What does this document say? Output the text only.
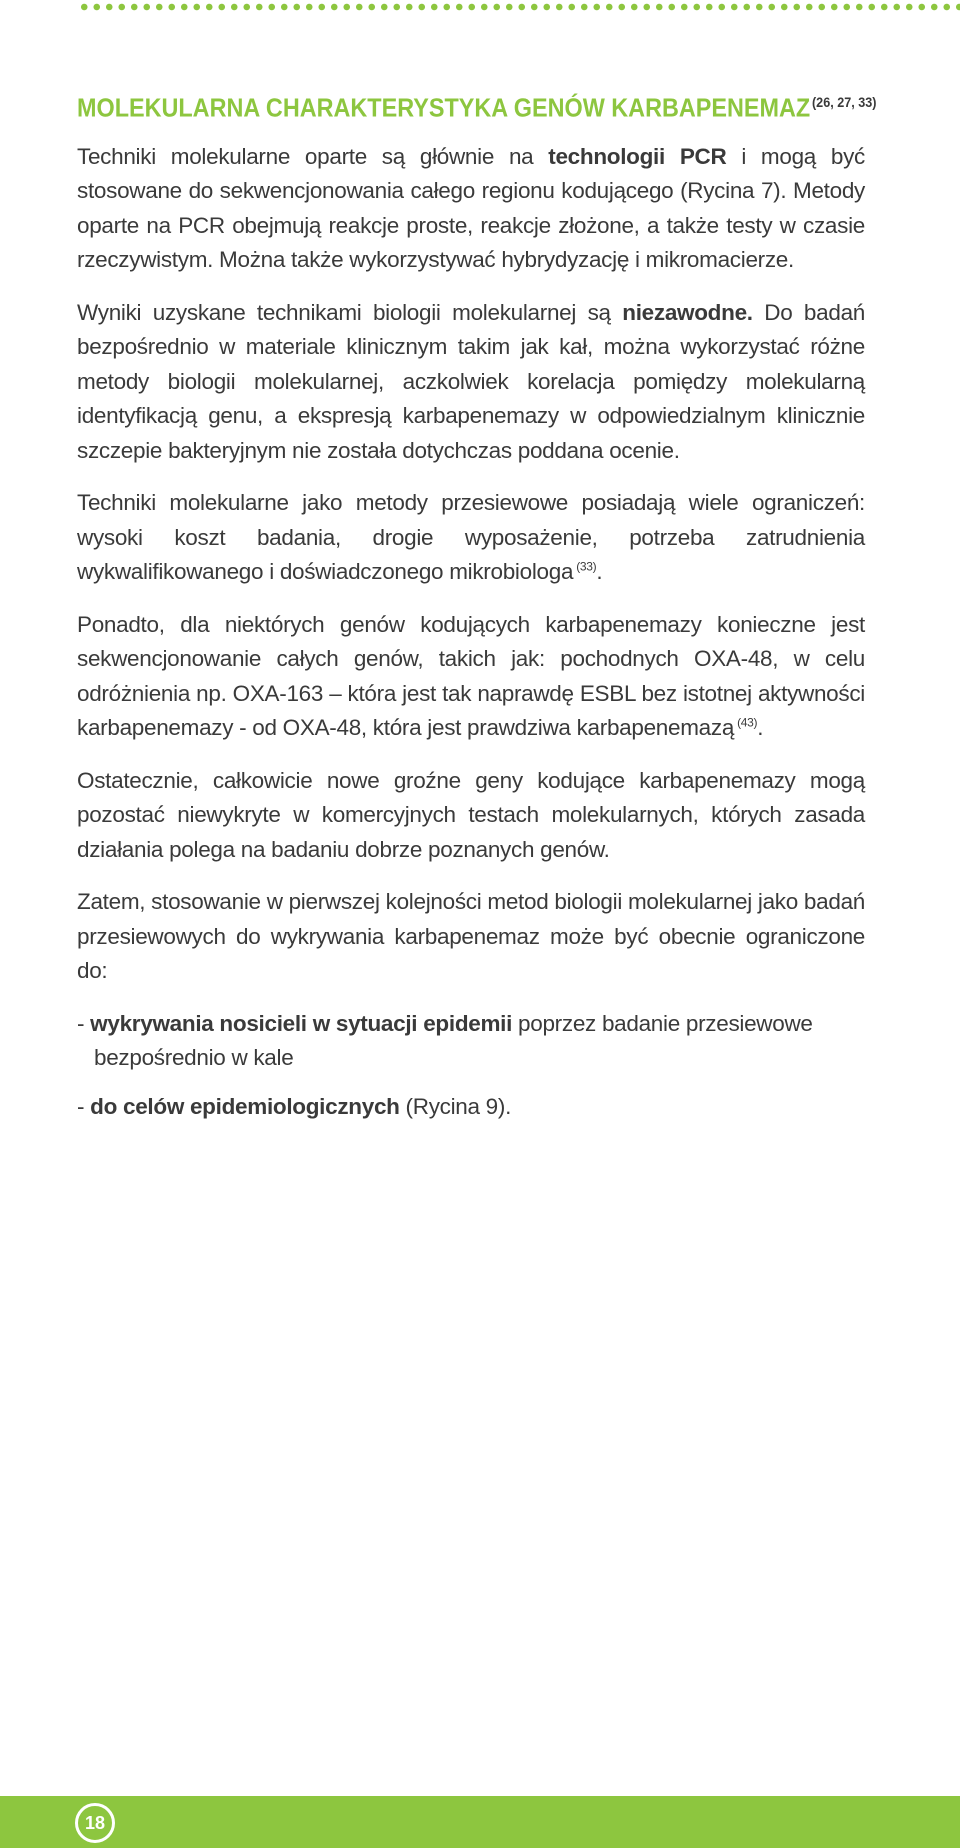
MOLEKULARNA CHARAKTERYSTYKA GENÓW KARBAPENEMAZ $^{(26, 27, 33)}$

Techniki molekularne oparte są głównie na technologii PCR i mogą być stosowane do sekwencjonowania całego regionu kodującego (Rycina 7). Metody oparte na PCR obejmują reakcje proste, reakcje złożone, a także testy w czasie rzeczywistym. Można także wykorzystywać hybrydyzację i mikromacierze.

Wyniki uzyskane technikami biologii molekularnej są niezawodne. Do badań bezpośrednio w materiale klinicznym takim jak kał, można wykorzystać różne metody biologii molekularnej, aczkolwiek korelacja pomiędzy molekularną identyfikacją genu, a ekspresją karbapenemazy w odpowiedzialnym klinicznie szczepie bakteryjnym nie została dotychczas poddana ocenie.

Techniki molekularne jako metody przesiewowe posiadają wiele ograniczeń: wysoki koszt badania, drogie wyposażenie, potrzeba zatrudnienia wykwalifikowanego i doświadczonego mikrobiologa $^{(33)}$.

Ponadto, dla niektórych genów kodujących karbapenemazy konieczne jest sekwencjonowanie całych genów, takich jak: pochodnych OXA-48, w celu odróżnienia np. OXA-163 – która jest tak naprawdę ESBL bez istotnej aktywności karbapenemazy - od OXA-48, która jest prawdziwa karbapenemazą $^{(43)}$.

Ostatecznie, całkowicie nowe groźne geny kodujące karbapenemazy mogą pozostać niewykryte w komercyjnych testach molekularnych, których zasada działania polega na badaniu dobrze poznanych genów.

Zatem, stosowanie w pierwszej kolejności metod biologii molekularnej jako badań przesiewowych do wykrywania karbapenemaz może być obecnie ograniczone do:

- wykrywania nosicieli w sytuacji epidemii poprzez badanie przesiewowe bezpośrednio w kale

- do celów epidemiologicznych (Rycina 9).

18
